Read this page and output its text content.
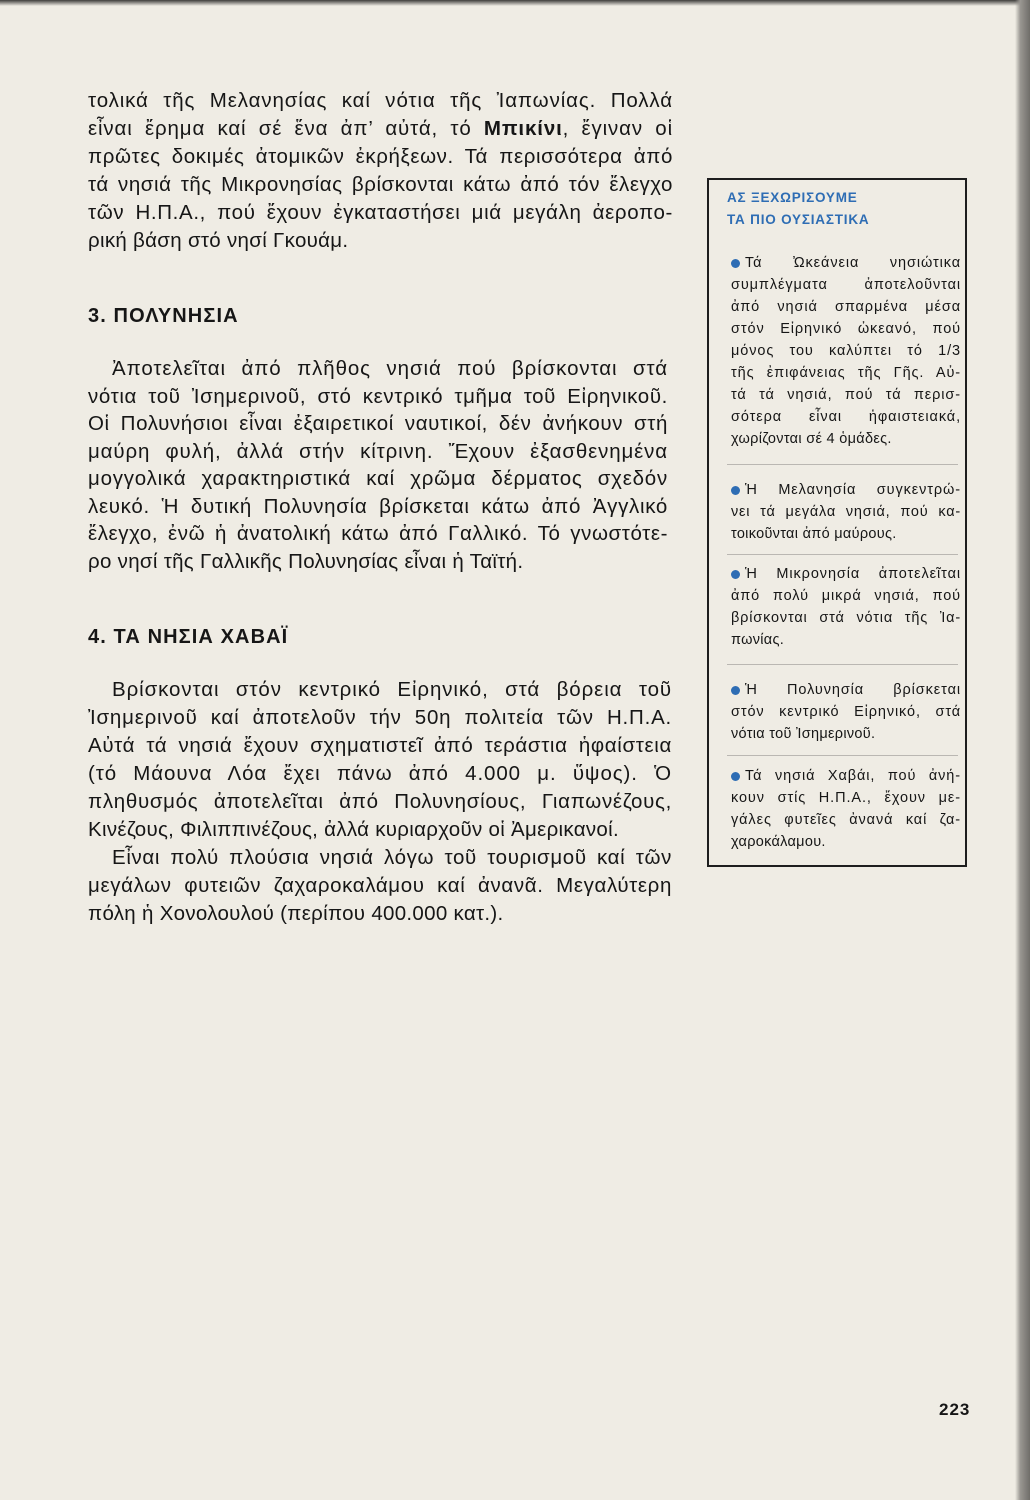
τολικά τῆς Μελανησίας καί νότια τῆς Ἰαπωνίας. Πολλά
εἶναι ἔρημα καί σέ ἕνα ἀπ’ αὐτά, τό Μπικίνι, ἔγιναν οἱ
πρῶτες δοκιμές ἀτομικῶν ἐκρήξεων. Τά περισσότερα ἀπό
τά νησιά τῆς Μικρονησίας βρίσκονται κάτω ἀπό τόν ἔλεγχο
τῶν Η.Π.Α., πού ἔχουν ἐγκαταστήσει μιά μεγάλη ἀεροπο-
ρική βάση στό νησί Γκουάμ.
3. ΠΟΛΥΝΗΣΙΑ
Ἀποτελεῖται ἀπό πλῆθος νησιά πού βρίσκονται στά
νότια τοῦ Ἰσημερινοῦ, στό κεντρικό τμῆμα τοῦ Εἰρηνικοῦ.
Οἱ Πολυνήσιοι εἶναι ἐξαιρετικοί ναυτικοί, δέν ἀνήκουν στή
μαύρη φυλή, ἀλλά στήν κίτρινη. Ἔχουν ἐξασθενημένα
μογγολικά χαρακτηριστικά καί χρῶμα δέρματος σχεδόν
λευκό. Ἡ δυτική Πολυνησία βρίσκεται κάτω ἀπό Ἀγγλικό
ἔλεγχο, ἐνῶ ἡ ἀνατολική κάτω ἀπό Γαλλικό. Τό γνωστότε-
ρο νησί τῆς Γαλλικῆς Πολυνησίας εἶναι ἡ Ταϊτή.
4. ΤΑ ΝΗΣΙΑ ΧΑΒΑΪ
Βρίσκονται στόν κεντρικό Εἰρηνικό, στά βόρεια τοῦ
Ἰσημερινοῦ καί ἀποτελοῦν τήν 50η πολιτεία τῶν Η.Π.Α.
Αὐτά τά νησιά ἔχουν σχηματιστεῖ ἀπό τεράστια ἡφαίστεια
(τό Μάουνα Λόα ἔχει πάνω ἀπό 4.000 μ. ὕψος). Ὁ
πληθυσμός ἀποτελεῖται ἀπό Πολυνησίους, Γιαπωνέζους,
Κινέζους, Φιλιππινέζους, ἀλλά κυριαρχοῦν οἱ Ἀμερικανοί.
Εἶναι πολύ πλούσια νησιά λόγω τοῦ τουρισμοῦ καί τῶν
μεγάλων φυτειῶν ζαχαροκαλάμου καί ἀνανᾶ. Μεγαλύτερη
πόλη ἡ Χονολουλού (περίπου 400.000 κατ.).
ΑΣ ΞΕΧΩΡΙΣΟΥΜΕ
ΤΑ ΠΙΟ ΟΥΣΙΑΣΤΙΚΑ
Τά Ὠκεάνεια νησιώτικα
συμπλέγματα ἀποτελοῦνται
ἀπό νησιά σπαρμένα μέσα
στόν Εἰρηνικό ὠκεανό, πού
μόνος του καλύπτει τό 1/3
τῆς ἐπιφάνειας τῆς Γῆς. Αὐ-
τά τά νησιά, πού τά περισ-
σότερα εἶναι ἡφαιστειακά,
χωρίζονται σέ 4 ὁμάδες.
Ἡ Μελανησία συγκεντρώ-
νει τά μεγάλα νησιά, πού κα-
τοικοῦνται ἀπό μαύρους.
Ἡ Μικρονησία ἀποτελεῖται
ἀπό πολύ μικρά νησιά, πού
βρίσκονται στά νότια τῆς Ἰα-
πωνίας.
Ἡ Πολυνησία βρίσκεται
στόν κεντρικό Εἰρηνικό, στά
νότια τοῦ Ἰσημερινοῦ.
Τά νησιά Χαβάι, πού ἀνή-
κουν στίς Η.Π.Α., ἔχουν με-
γάλες φυτεῖες ἀνανά καί ζα-
χαροκάλαμου.
223
